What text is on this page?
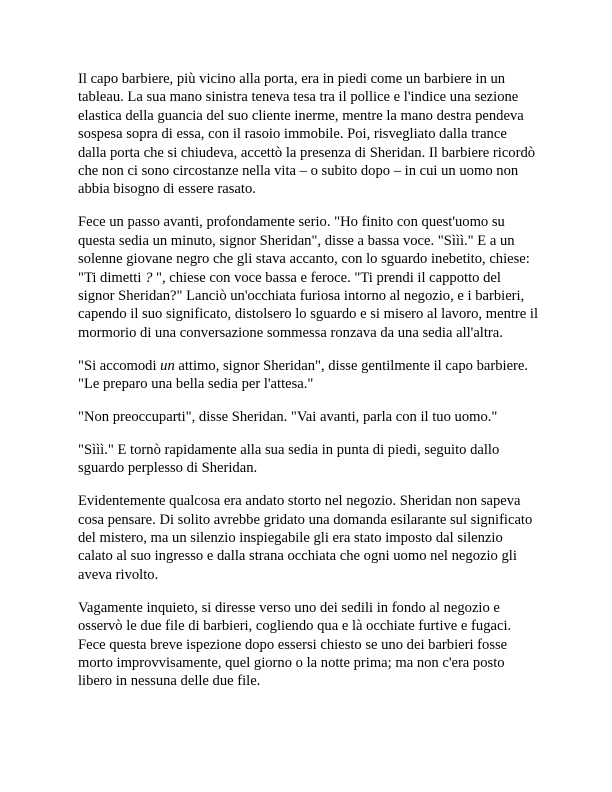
Il capo barbiere, più vicino alla porta, era in piedi come un barbiere in un tableau. La sua mano sinistra teneva tesa tra il pollice e l'indice una sezione elastica della guancia del suo cliente inerme, mentre la mano destra pendeva sospesa sopra di essa, con il rasoio immobile. Poi, risvegliato dalla trance dalla porta che si chiudeva, accettò la presenza di Sheridan. Il barbiere ricordò che non ci sono circostanze nella vita – o subito dopo – in cui un uomo non abbia bisogno di essere rasato.

Fece un passo avanti, profondamente serio. "Ho finito con quest'uomo su questa sedia un minuto, signor Sheridan", disse a bassa voce. "Sììì." E a un solenne giovane negro che gli stava accanto, con lo sguardo inebetito, chiese: "Ti dimetti ? ", chiese con voce bassa e feroce. "Ti prendi il cappotto del signor Sheridan?" Lanciò un'occhiata furiosa intorno al negozio, e i barbieri, capendo il suo significato, distolsero lo sguardo e si misero al lavoro, mentre il mormorio di una conversazione sommessa ronzava da una sedia all'altra.

"Si accomodi un attimo, signor Sheridan", disse gentilmente il capo barbiere. "Le preparo una bella sedia per l'attesa."

"Non preoccuparti", disse Sheridan. "Vai avanti, parla con il tuo uomo."

"Sììì." E tornò rapidamente alla sua sedia in punta di piedi, seguito dallo sguardo perplesso di Sheridan.

Evidentemente qualcosa era andato storto nel negozio. Sheridan non sapeva cosa pensare. Di solito avrebbe gridato una domanda esilarante sul significato del mistero, ma un silenzio inspiegabile gli era stato imposto dal silenzio calato al suo ingresso e dalla strana occhiata che ogni uomo nel negozio gli aveva rivolto.

Vagamente inquieto, si diresse verso uno dei sedili in fondo al negozio e osservò le due file di barbieri, cogliendo qua e là occhiate furtive e fugaci. Fece questa breve ispezione dopo essersi chiesto se uno dei barbieri fosse morto improvvisamente, quel giorno o la notte prima; ma non c'era posto libero in nessuna delle due file.
